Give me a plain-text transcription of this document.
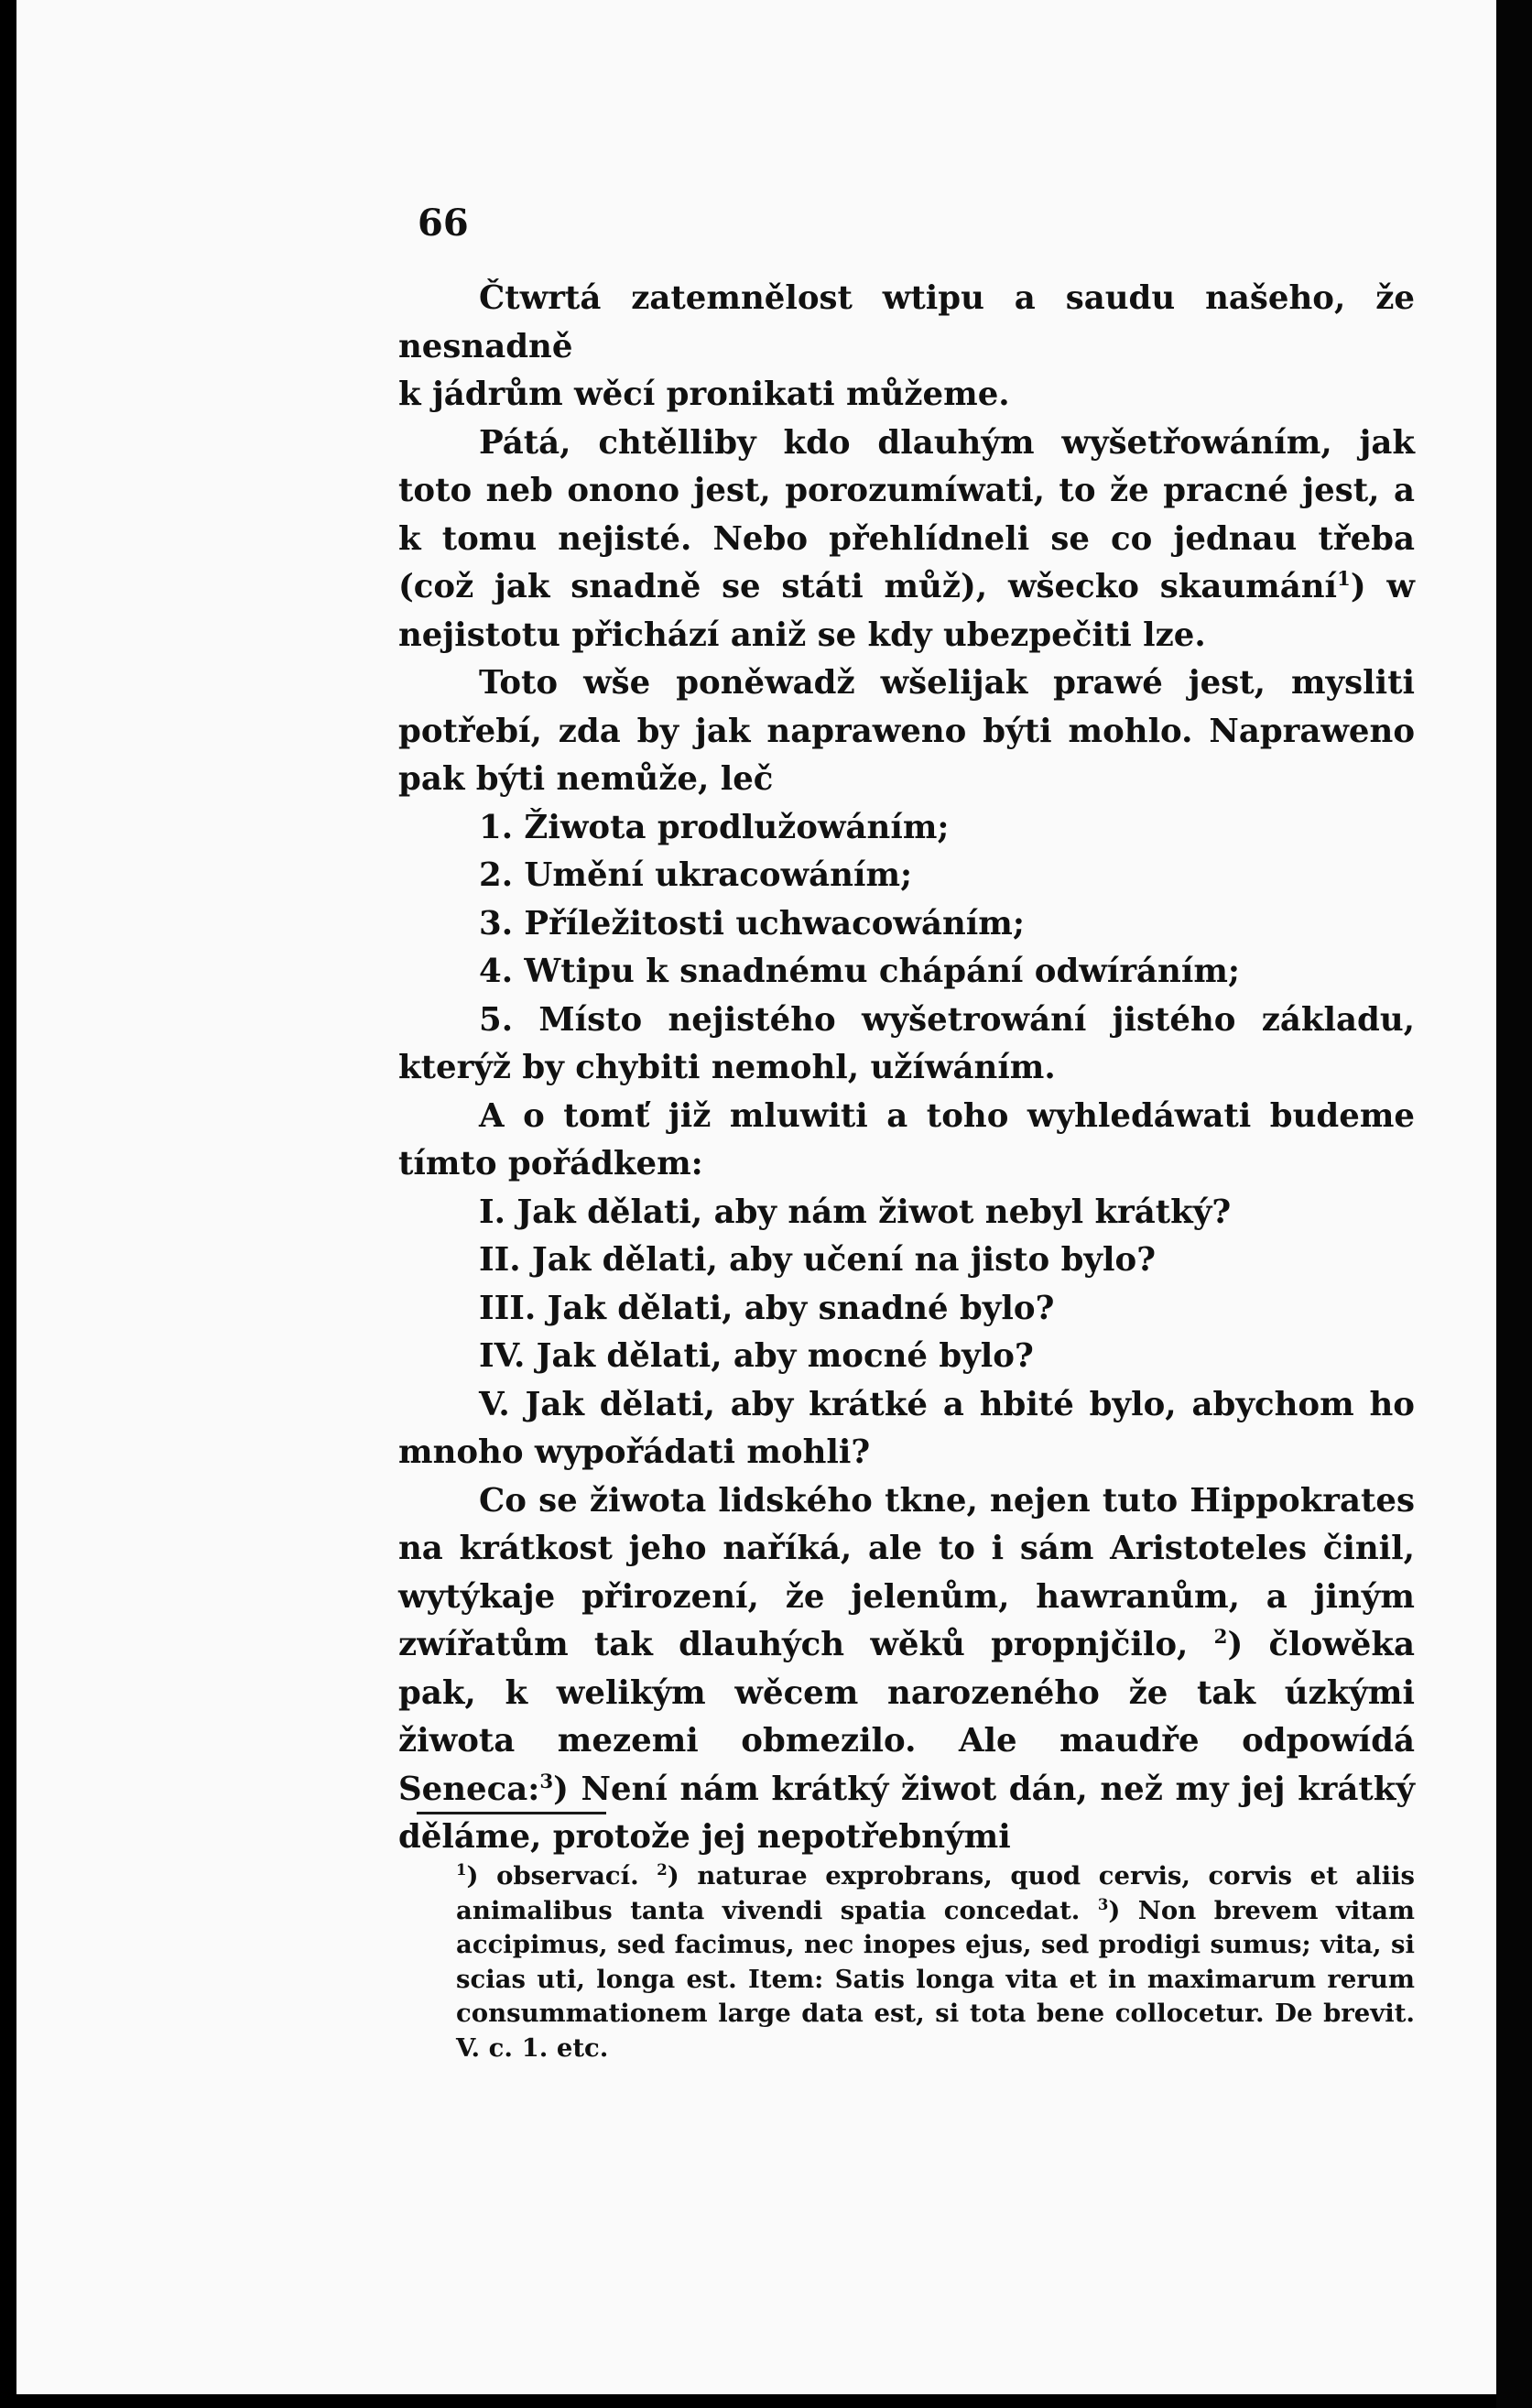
66

Čtwrtá zatemnělost wtipu a saudu našeho, že nesnadně

k jádrům wěcí pronikati můžeme.

Pátá, chtělliby kdo dlauhým wyšetřowáním, jak toto neb onono jest, porozumíwati, to že pracné jest, a k tomu nejisté. Nebo přehlídneli se co jednau třeba (což jak snadně se státi můž), wšecko skaumání$^1$) w nejistotu přichází aniž se kdy ubezpečiti lze.

Toto wše poněwadž wšelijak prawé jest, mysliti potřebí, zda by jak napraweno býti mohlo. Napraweno pak býti nemůže, leč

1. Žiwota prodlužowáním;

2. Umění ukracowáním;

3. Příležitosti uchwacowáním;

4. Wtipu k snadnému chápání odwíráním;

5. Místo nejistého wyšetrowání jistého základu, kterýž by chybiti nemohl, užíwáním.

A o tomť již mluwiti a toho wyhledáwati budeme tímto pořádkem:

I. Jak dělati, aby nám žiwot nebyl krátký?

II. Jak dělati, aby učení na jisto bylo?

III. Jak dělati, aby snadné bylo?

IV. Jak dělati, aby mocné bylo?

V. Jak dělati, aby krátké a hbité bylo, abychom ho mnoho wypořádati mohli?

Co se žiwota lidského tkne, nejen tuto Hippokrates na krátkost jeho naříká, ale to i sám Aristoteles činil, wytýkaje přirození, že jelenům, hawranům, a jiným zwířatům tak dlauhých wěků propnjčilo, $^2$) člowěka pak, k welikým wěcem narozeného že tak úzkými žiwota mezemi obmezilo. Ale maudře odpowídá Seneca:$^3$) Není nám krátký žiwot dán, než my jej krátký děláme, protože jej nepotřebnými

$^1$) observací. $^2$) naturae exprobrans, quod cervis, corvis et aliis animalibus tanta vivendi spatia concedat. $^3$) Non brevem vitam accipimus, sed facimus, nec inopes ejus, sed prodigi sumus; vita, si scias uti, longa est. Item: Satis longa vita et in maximarum rerum consummationem large data est, si tota bene collocetur. De brevit. V. c. 1. etc.
